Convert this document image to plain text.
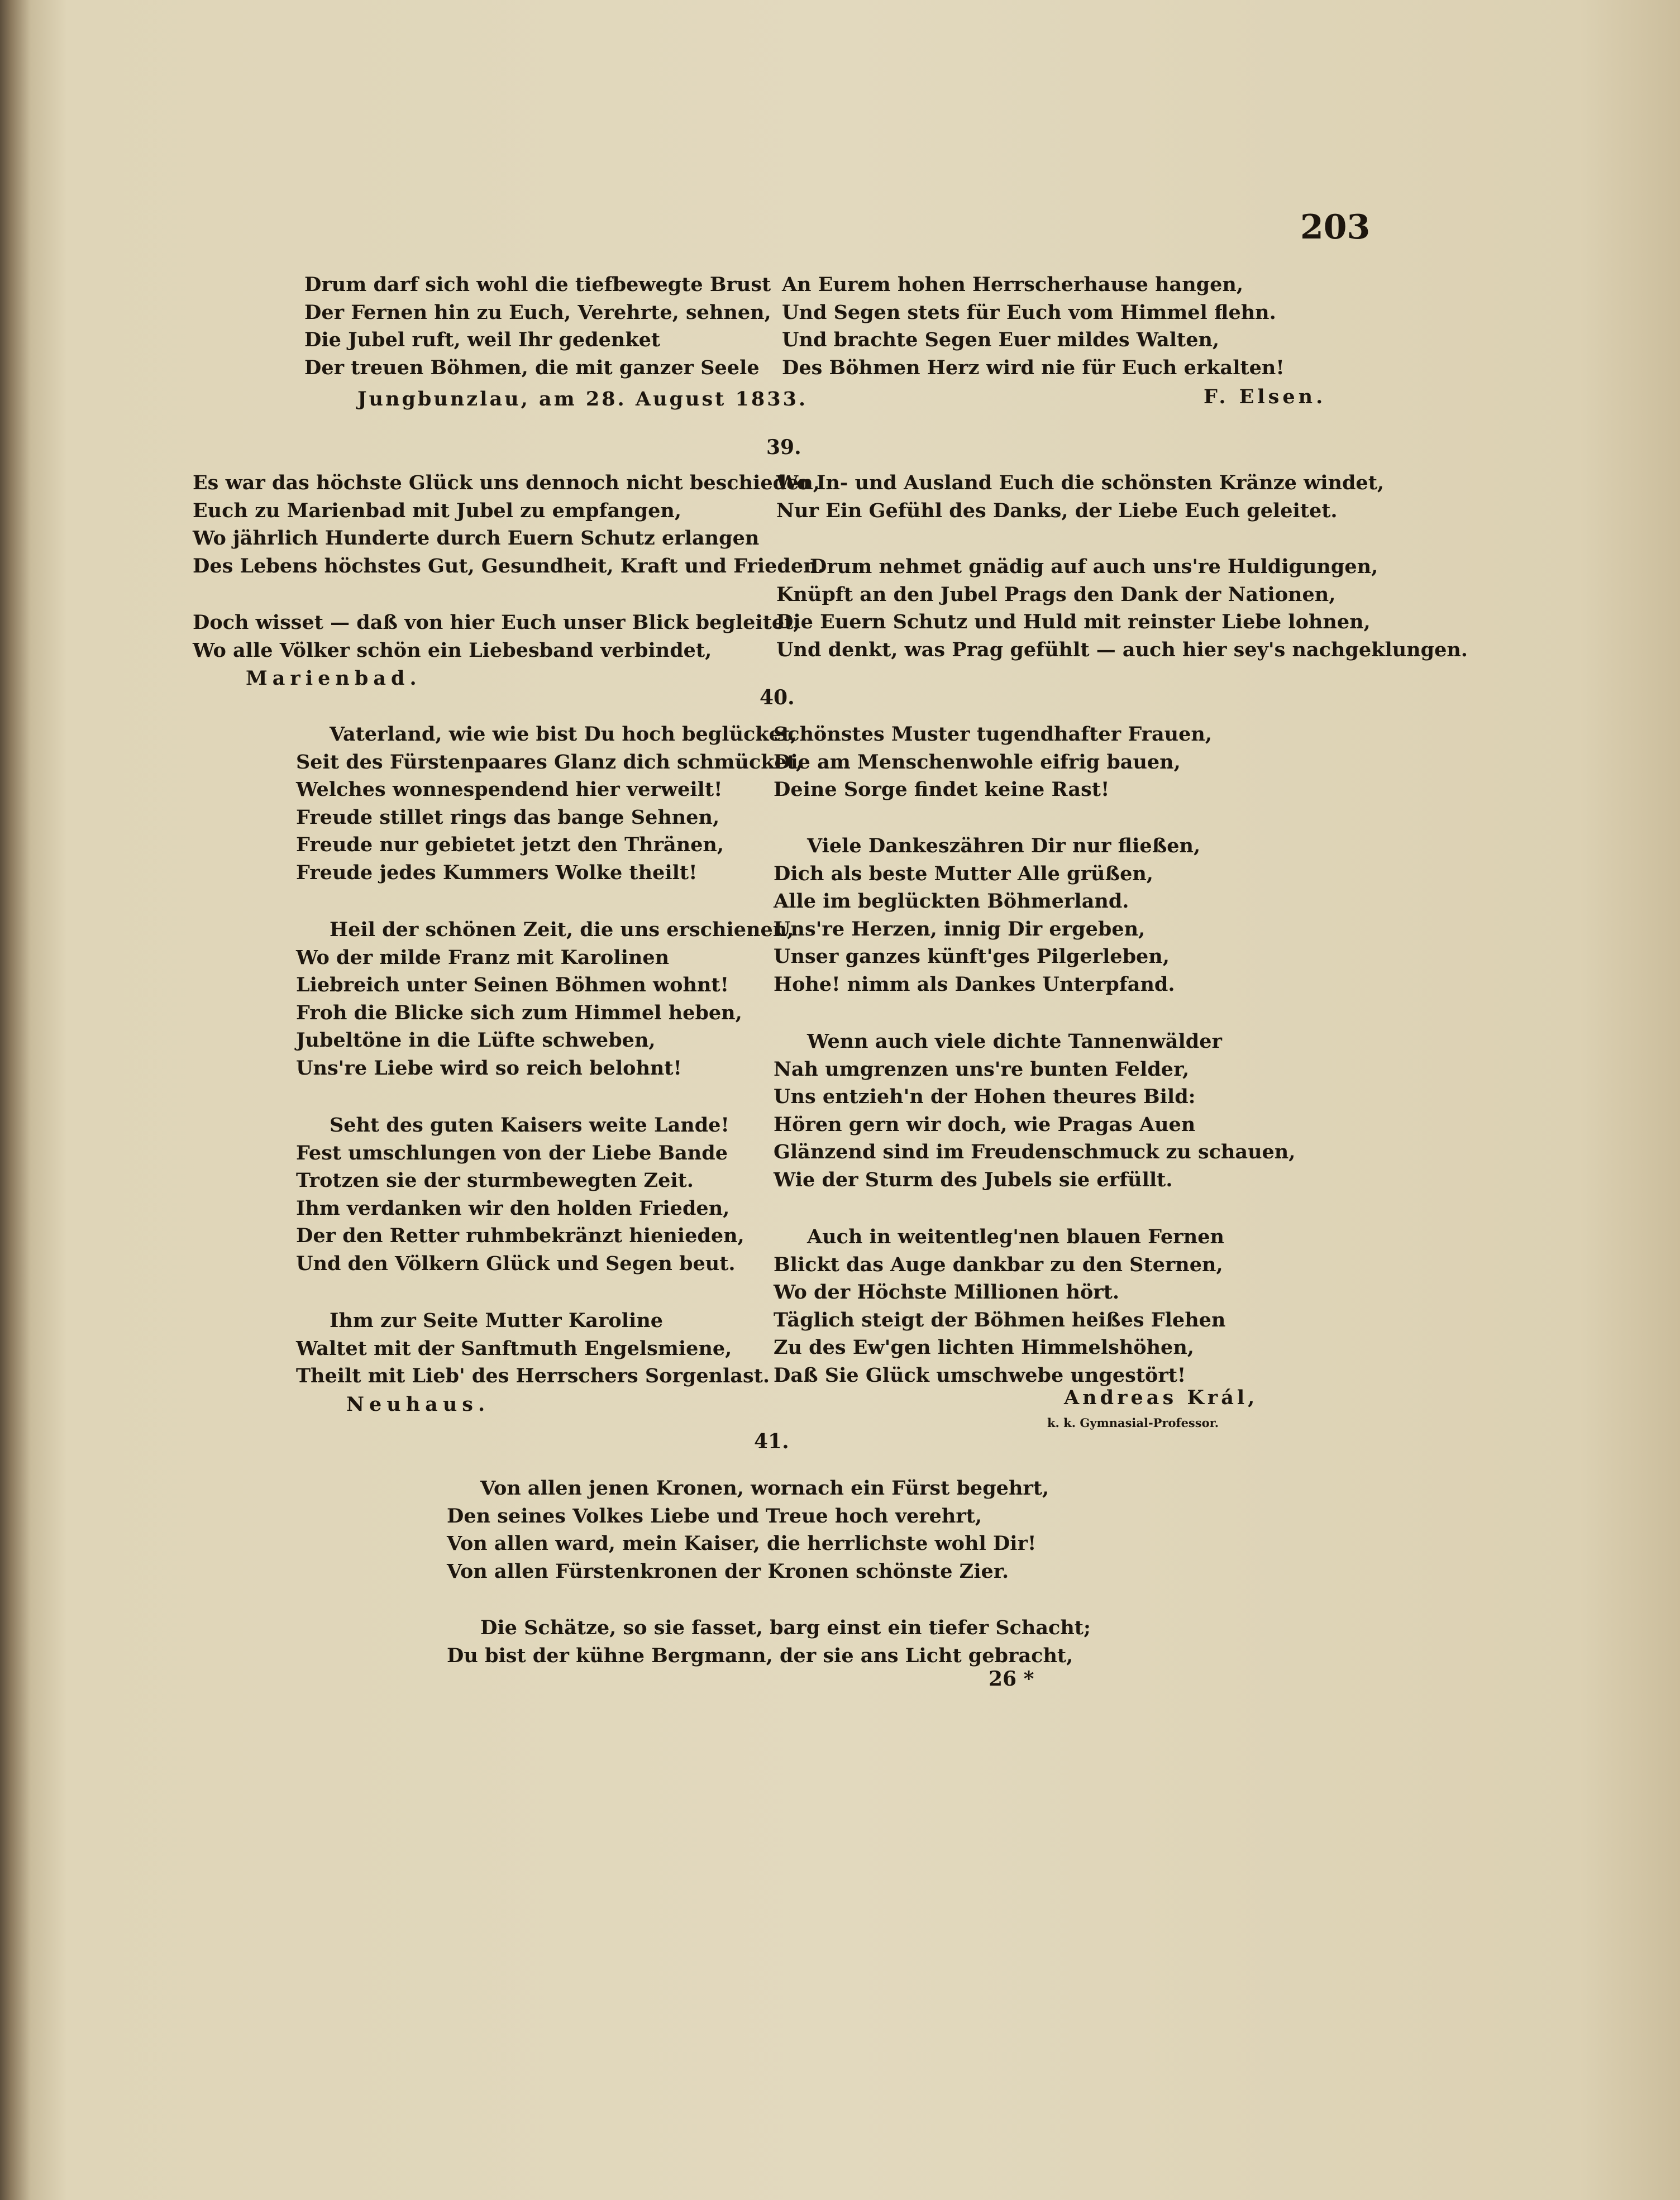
203
Drum darf sich wohl die tiefbewegte Brust
Der Fernen hin zu Euch, Verehrte, sehnen,
Die Jubel ruft, weil Ihr gedenket
Der treuen Böhmen, die mit ganzer Seele
Jungbunzlau, am 28. August 1833.
An Eurem hohen Herrscherhause hangen,
Und Segen stets für Euch vom Himmel flehn.
Und brachte Segen Euer mildes Walten,
Des Böhmen Herz wird nie für Euch erkalten!
F. Elsen.
39.
Es war das höchste Glück uns dennoch nicht beschieden,
Euch zu Marienbad mit Jubel zu empfangen,
Wo jährlich Hunderte durch Euern Schutz erlangen
Des Lebens höchstes Gut, Gesundheit, Kraft und Frieden.
Doch wisset — daß von hier Euch unser Blick begleitet,
Wo alle Völker schön ein Liebesband verbindet,
Marienbad.
Wo In- und Ausland Euch die schönsten Kränze windet,
Nur Ein Gefühl des Danks, der Liebe Euch geleitet.
Drum nehmet gnädig auf auch uns're Huldigungen,
Knüpft an den Jubel Prags den Dank der Nationen,
Die Euern Schutz und Huld mit reinster Liebe lohnen,
Und denkt, was Prag gefühlt — auch hier sey's nachgeklungen.
40.
Vaterland, wie wie bist Du hoch beglücket,
Seit des Fürstenpaares Glanz dich schmücket,
Welches wonnespendend hier verweilt!
Freude stillet rings das bange Sehnen,
Freude nur gebietet jetzt den Thränen,
Freude jedes Kummers Wolke theilt!
Heil der schönen Zeit, die uns erschienen,
Wo der milde Franz mit Karolinen
Liebreich unter Seinen Böhmen wohnt!
Froh die Blicke sich zum Himmel heben,
Jubeltöne in die Lüfte schweben,
Uns're Liebe wird so reich belohnt!
Seht des guten Kaisers weite Lande!
Fest umschlungen von der Liebe Bande
Trotzen sie der sturmbewegten Zeit.
Ihm verdanken wir den holden Frieden,
Der den Retter ruhmbekränzt hienieden,
Und den Völkern Glück und Segen beut.
Ihm zur Seite Mutter Karoline
Waltet mit der Sanftmuth Engelsmiene,
Theilt mit Lieb' des Herrschers Sorgenlast.
Neuhaus.
Schönstes Muster tugendhafter Frauen,
Die am Menschenwohle eifrig bauen,
Deine Sorge findet keine Rast!
Viele Dankeszähren Dir nur fließen,
Dich als beste Mutter Alle grüßen,
Alle im beglückten Böhmerland.
Uns're Herzen, innig Dir ergeben,
Unser ganzes künft'ges Pilgerleben,
Hohe! nimm als Dankes Unterpfand.
Wenn auch viele dichte Tannenwälder
Nah umgrenzen uns're bunten Felder,
Uns entzieh'n der Hohen theures Bild:
Hören gern wir doch, wie Pragas Auen
Glänzend sind im Freudenschmuck zu schauen,
Wie der Sturm des Jubels sie erfüllt.
Auch in weitentleg'nen blauen Fernen
Blickt das Auge dankbar zu den Sternen,
Wo der Höchste Millionen hört.
Täglich steigt der Böhmen heißes Flehen
Zu des Ew'gen lichten Himmelshöhen,
Daß Sie Glück umschwebe ungestört!
Andreas Král,
k. k. Gymnasial-Professor.
41.
Von allen jenen Kronen, wornach ein Fürst begehrt,
Den seines Volkes Liebe und Treue hoch verehrt,
Von allen ward, mein Kaiser, die herrlichste wohl Dir!
Von allen Fürstenkronen der Kronen schönste Zier.
Die Schätze, so sie fasset, barg einst ein tiefer Schacht;
Du bist der kühne Bergmann, der sie ans Licht gebracht,
26 *
